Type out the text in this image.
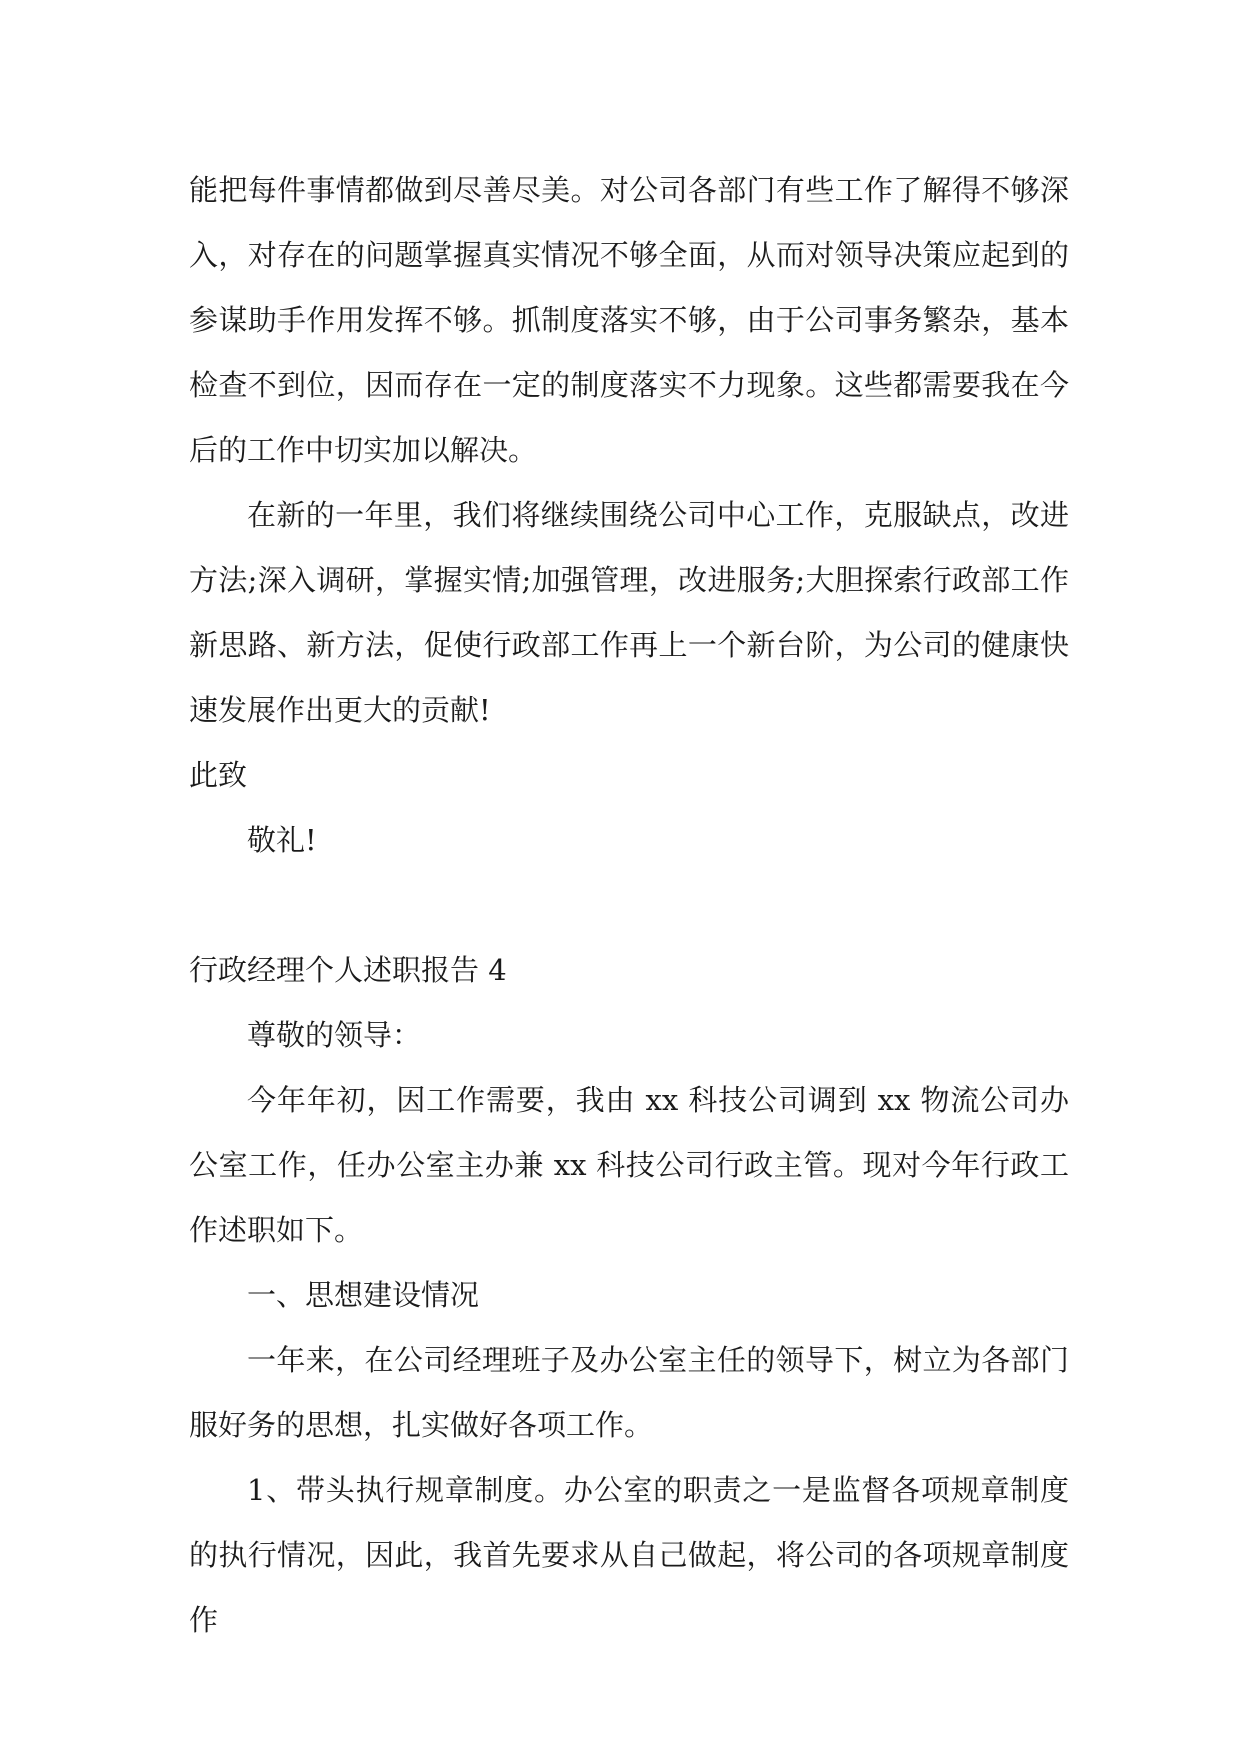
能把每件事情都做到尽善尽美。对公司各部门有些工作了解得不够深入，对存在的问题掌握真实情况不够全面，从而对领导决策应起到的参谋助手作用发挥不够。抓制度落实不够，由于公司事务繁杂，基本检查不到位，因而存在一定的制度落实不力现象。这些都需要我在今后的工作中切实加以解决。

在新的一年里，我们将继续围绕公司中心工作，克服缺点，改进方法;深入调研，掌握实情;加强管理，改进服务;大胆探索行政部工作新思路、新方法，促使行政部工作再上一个新台阶，为公司的健康快速发展作出更大的贡献!

此致

敬礼!

行政经理个人述职报告 4

尊敬的领导：

今年年初，因工作需要，我由 xx 科技公司调到 xx 物流公司办公室工作，任办公室主办兼 xx 科技公司行政主管。现对今年行政工作述职如下。

一、思想建设情况

一年来，在公司经理班子及办公室主任的领导下，树立为各部门服好务的思想，扎实做好各项工作。

1、带头执行规章制度。办公室的职责之一是监督各项规章制度的执行情况，因此，我首先要求从自己做起，将公司的各项规章制度作
